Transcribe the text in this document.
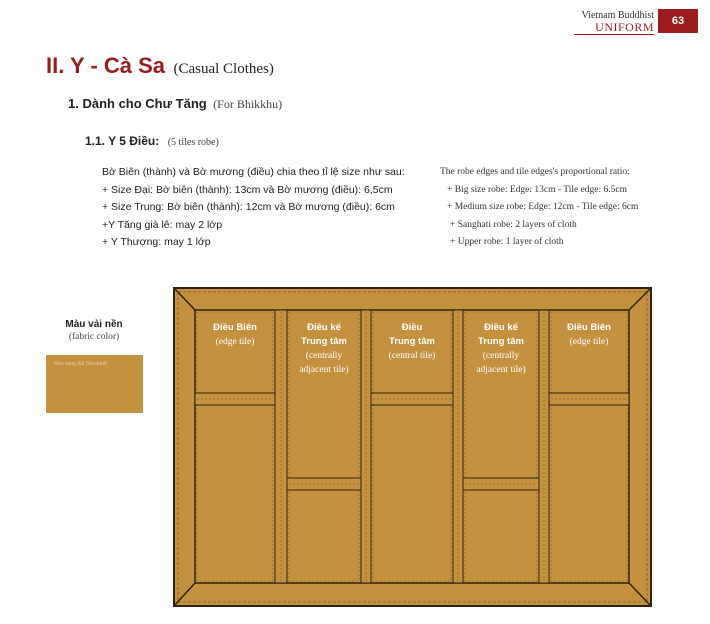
Vietnam Buddhist
UNIFORM	63
II. Y - Cà Sa (Casual Clothes)
1. Dành cho Chư Tăng (For Bhikkhu)
1.1. Y 5 Điều: (5 tiles robe)
Bờ Biên (thành) và Bờ mương (điều) chia theo tỉ lệ size như sau:
+ Size Đại: Bờ biên (thành): 13cm và Bờ mương (điều): 6,5cm
+ Size Trung: Bờ biên (thành): 12cm và Bờ mương (điều): 6cm
+Y Tăng già lê: may 2 lớp
+ Y Thượng: may 1 lớp
The robe edges and tile edges's proportional ratio:
+ Big size robe: Edge: 13cm - Tile edge: 6.5cm
+ Medium size robe: Edge: 12cm - Tile edge: 6cm
+ Sanghati robe: 2 layers of cloth
+ Upper robe: 1 layer of cloth
Màu vải nền
(fabric color)
Màu vàng đất (Mustard)
Điều Biên
(edge tile)
Điều kế
Trung tâm
(centrally
adjacent tile)
Điều
Trung tâm
(central tile)
Điều kế
Trung tâm
(centrally
adjacent tile)
Điều Biên
(edge tile)
